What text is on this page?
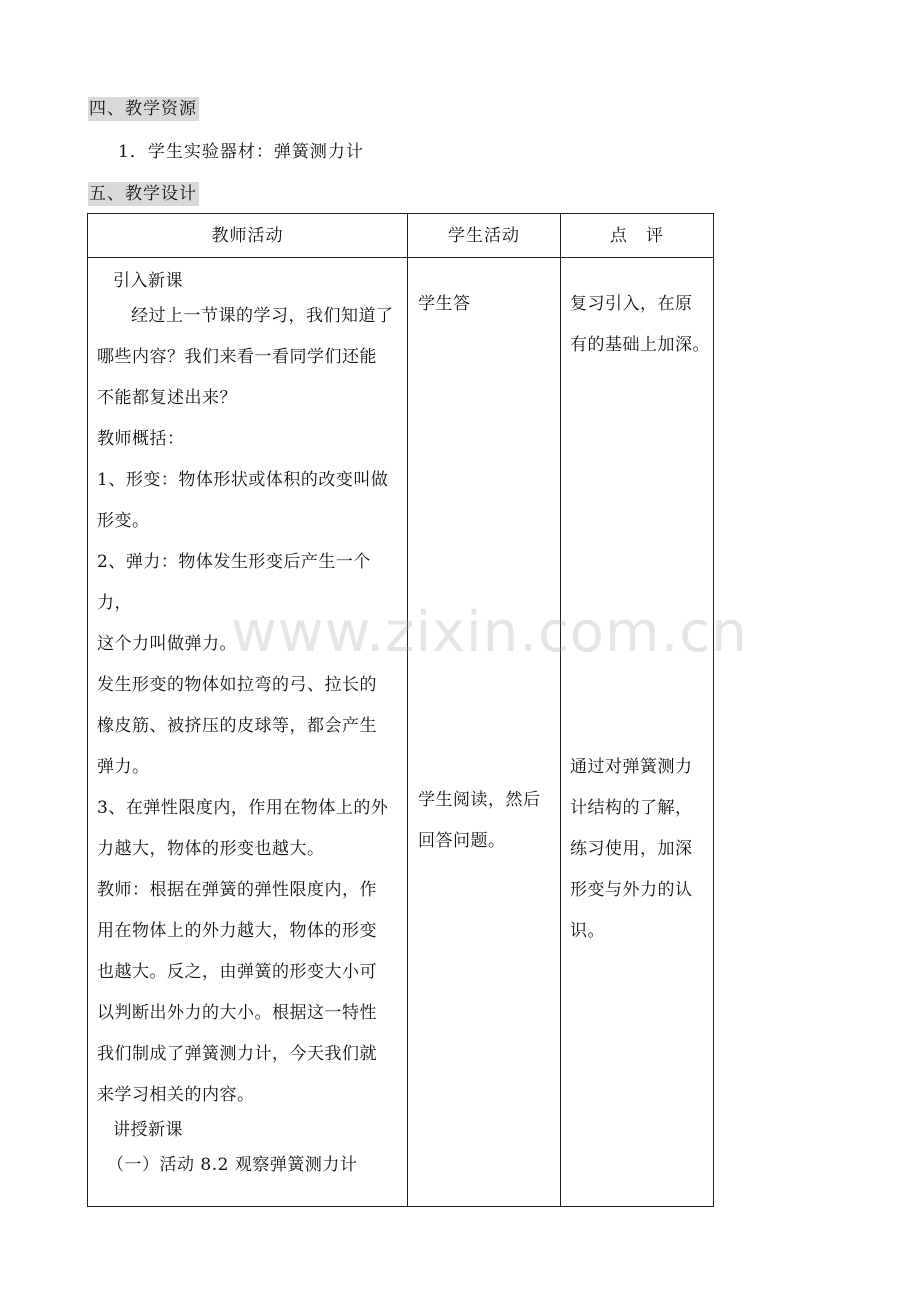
四、教学资源
1．学生实验器材：弹簧测力计
五、教学设计
教师活动	学生活动	点　评

引入新课

经过上一节课的学习，我们知道了

哪些内容？我们来看一看同学们还能

不能都复述出来？

教师概括：

1、形变：物体形状或体积的改变叫做

形变。

2、弹力：物体发生形变后产生一个力，

这个力叫做弹力。

发生形变的物体如拉弯的弓、拉长的

橡皮筋、被挤压的皮球等，都会产生

弹力。

3、在弹性限度内，作用在物体上的外

力越大，物体的形变也越大。

教师：根据在弹簧的弹性限度内，作

用在物体上的外力越大，物体的形变

也越大。反之，由弹簧的形变大小可

以判断出外力的大小。根据这一特性

我们制成了弹簧测力计，今天我们就

来学习相关的内容。

讲授新课

（一）活动 8.2 观察弹簧测力计

学生答

学生阅读，然后

回答问题。

复习引入，在原

有的基础上加深。

通过对弹簧测力

计结构的了解，

练习使用，加深

形变与外力的认

识。

www.zixin.com.cn
